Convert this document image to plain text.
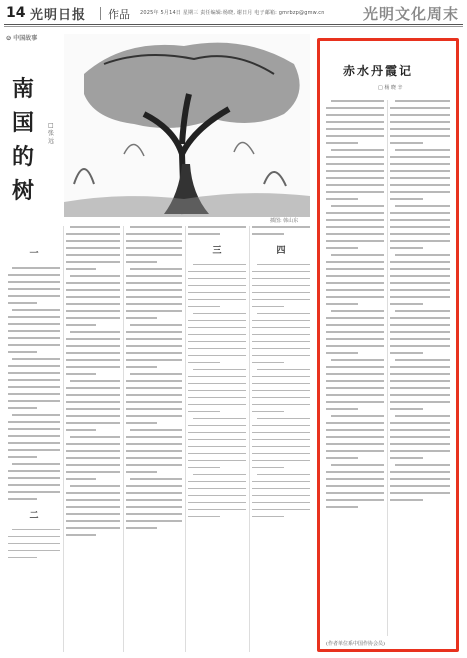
14 光明日报 作品 2025年 5月14日 星期三 责任编辑:杨晓, 谢日月 电子邮箱: gmrbzp@gmw.cn	光明文化周末
❻ 中国故事
南
国
的
树
□ 张 远
插图: 韩山东
一
二
三	四
赤水丹霞记
□ 杨 晓 辛
(作者单位系中国作协会员)
